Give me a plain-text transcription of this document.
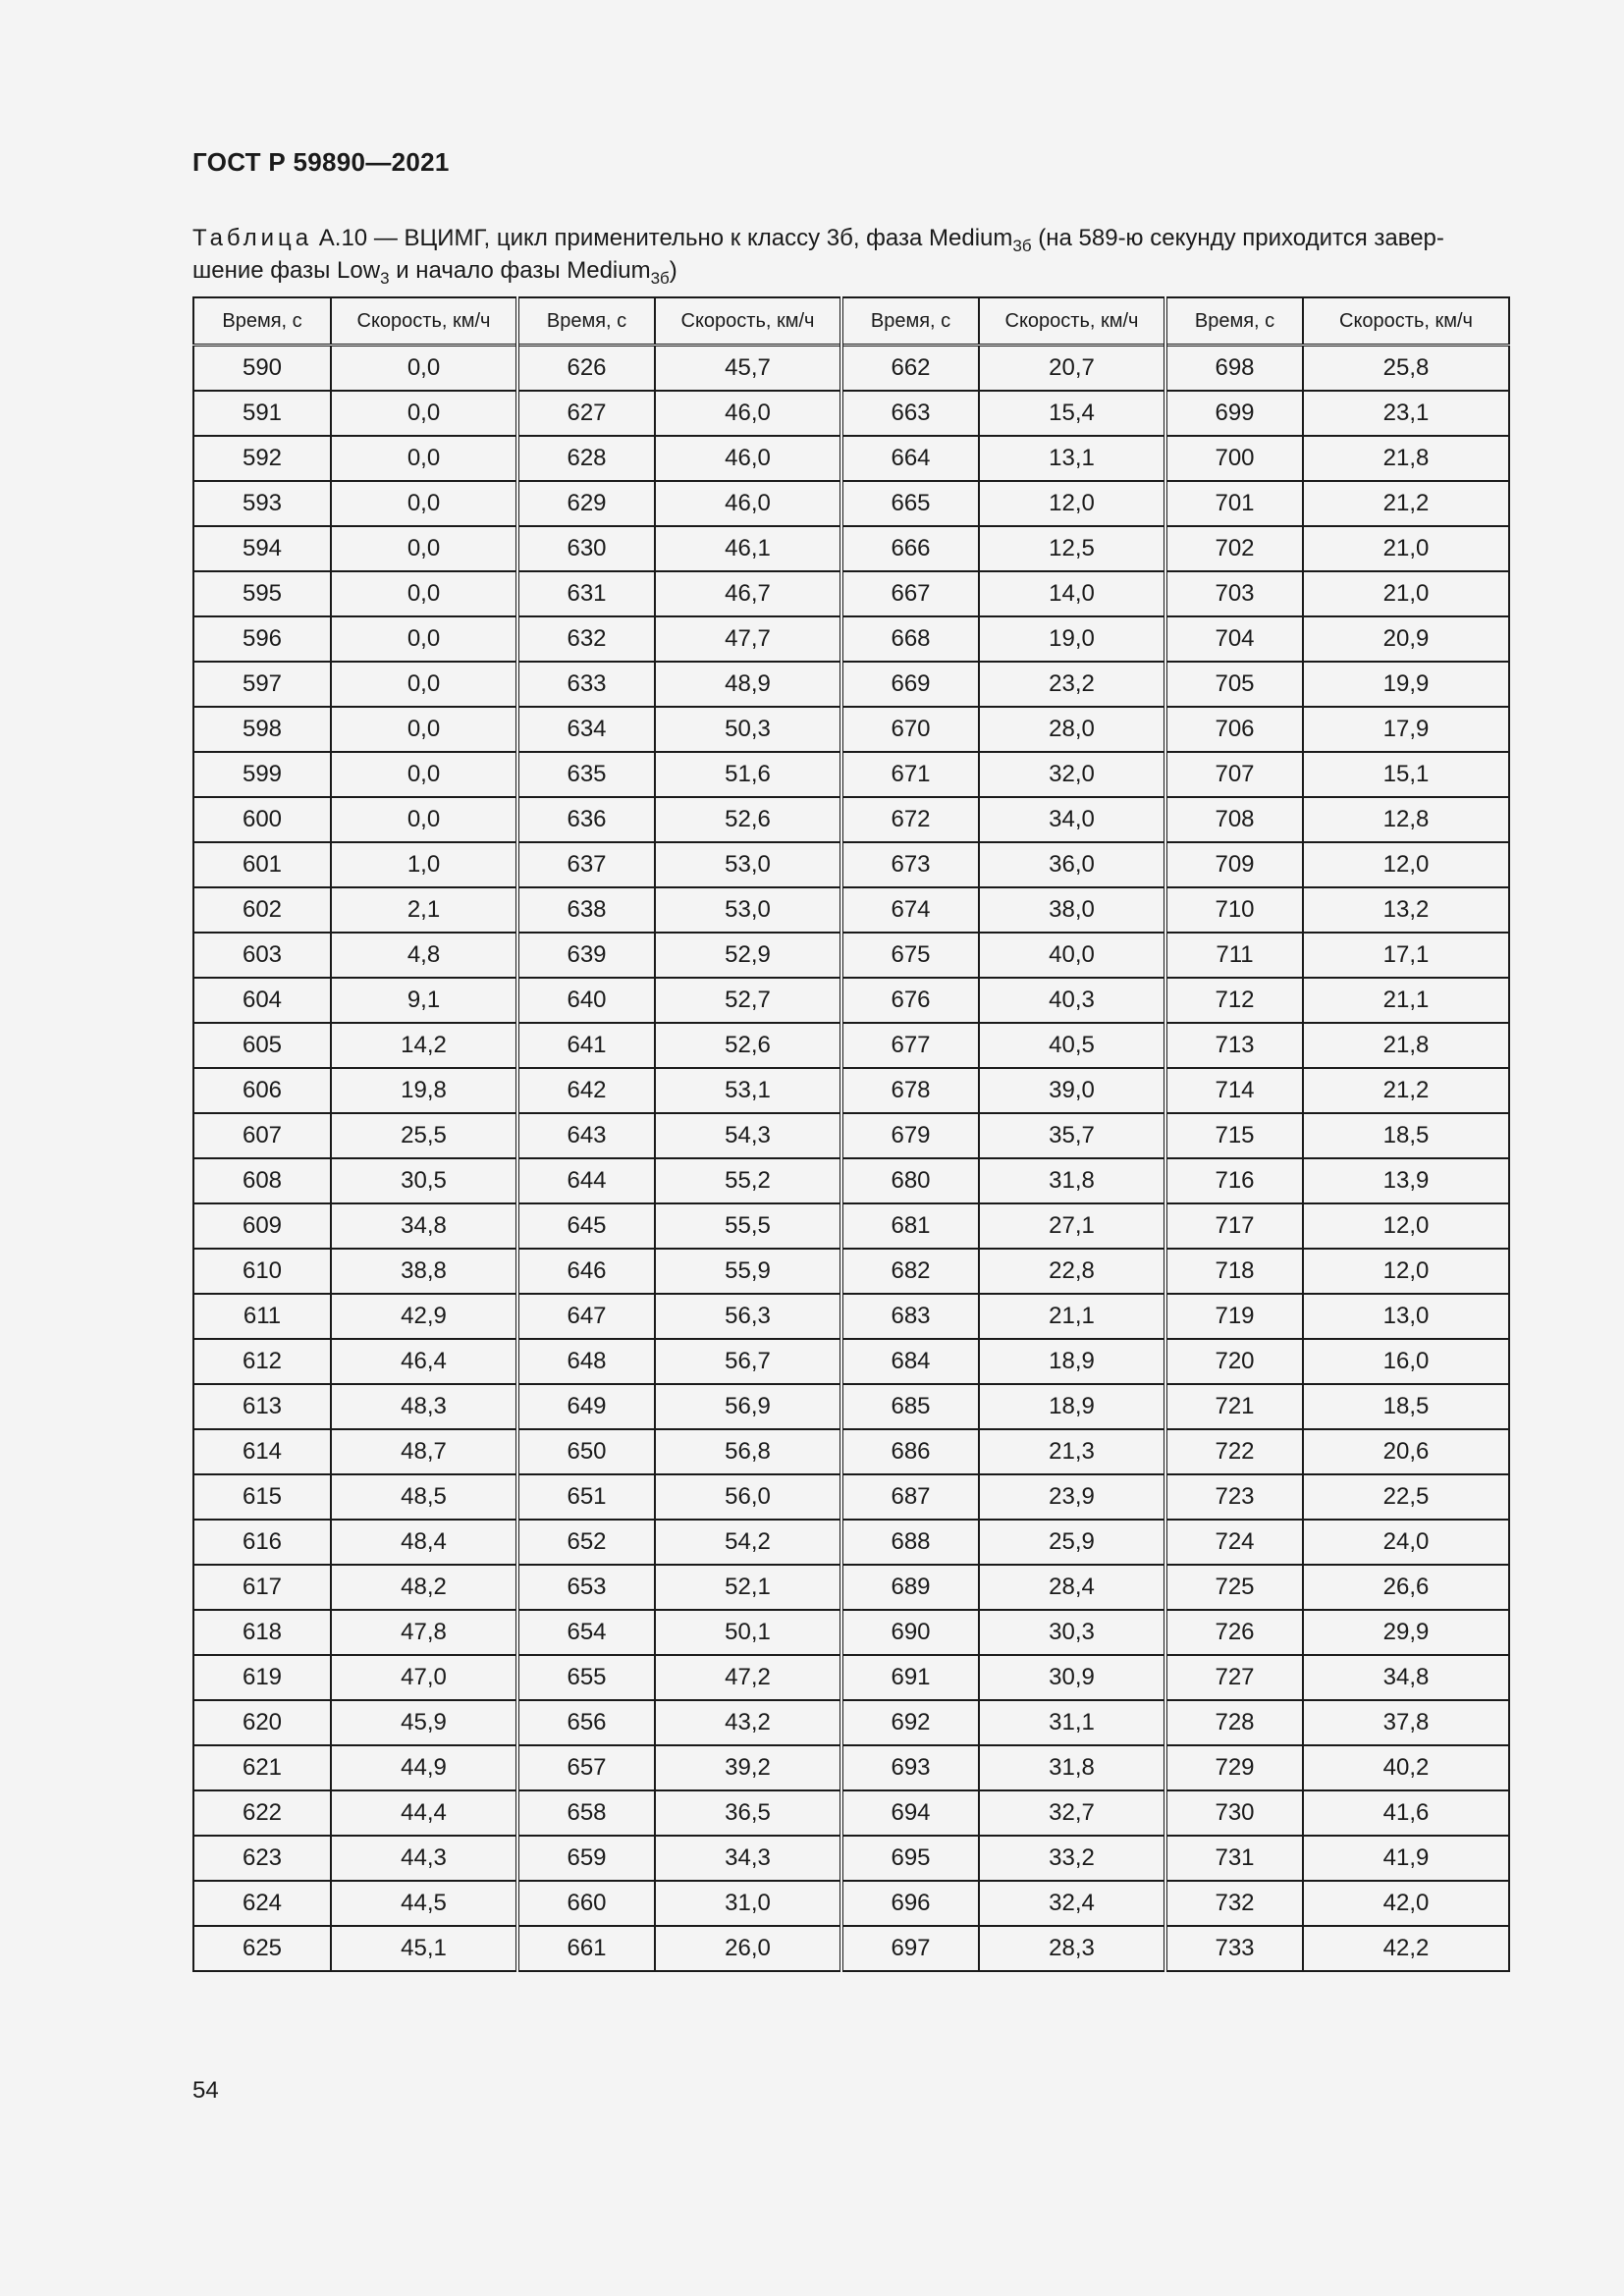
ГОСТ Р 59890—2021
Таблица А.10 — ВЦИМГ, цикл применительно к классу 3б, фаза Medium$_{3б}$ (на 589-ю секунду приходится завер-
шение фазы Low$_3$ и начало фазы Medium$_{3б}$)
Время, с	Скорость, км/ч	Время, с	Скорость, км/ч	Время, с	Скорость, км/ч	Время, с	Скорость, км/ч
590	0,0	626	45,7	662	20,7	698	25,8
591	0,0	627	46,0	663	15,4	699	23,1
592	0,0	628	46,0	664	13,1	700	21,8
593	0,0	629	46,0	665	12,0	701	21,2
594	0,0	630	46,1	666	12,5	702	21,0
595	0,0	631	46,7	667	14,0	703	21,0
596	0,0	632	47,7	668	19,0	704	20,9
597	0,0	633	48,9	669	23,2	705	19,9
598	0,0	634	50,3	670	28,0	706	17,9
599	0,0	635	51,6	671	32,0	707	15,1
600	0,0	636	52,6	672	34,0	708	12,8
601	1,0	637	53,0	673	36,0	709	12,0
602	2,1	638	53,0	674	38,0	710	13,2
603	4,8	639	52,9	675	40,0	711	17,1
604	9,1	640	52,7	676	40,3	712	21,1
605	14,2	641	52,6	677	40,5	713	21,8
606	19,8	642	53,1	678	39,0	714	21,2
607	25,5	643	54,3	679	35,7	715	18,5
608	30,5	644	55,2	680	31,8	716	13,9
609	34,8	645	55,5	681	27,1	717	12,0
610	38,8	646	55,9	682	22,8	718	12,0
611	42,9	647	56,3	683	21,1	719	13,0
612	46,4	648	56,7	684	18,9	720	16,0
613	48,3	649	56,9	685	18,9	721	18,5
614	48,7	650	56,8	686	21,3	722	20,6
615	48,5	651	56,0	687	23,9	723	22,5
616	48,4	652	54,2	688	25,9	724	24,0
617	48,2	653	52,1	689	28,4	725	26,6
618	47,8	654	50,1	690	30,3	726	29,9
619	47,0	655	47,2	691	30,9	727	34,8
620	45,9	656	43,2	692	31,1	728	37,8
621	44,9	657	39,2	693	31,8	729	40,2
622	44,4	658	36,5	694	32,7	730	41,6
623	44,3	659	34,3	695	33,2	731	41,9
624	44,5	660	31,0	696	32,4	732	42,0
625	45,1	661	26,0	697	28,3	733	42,2
54
